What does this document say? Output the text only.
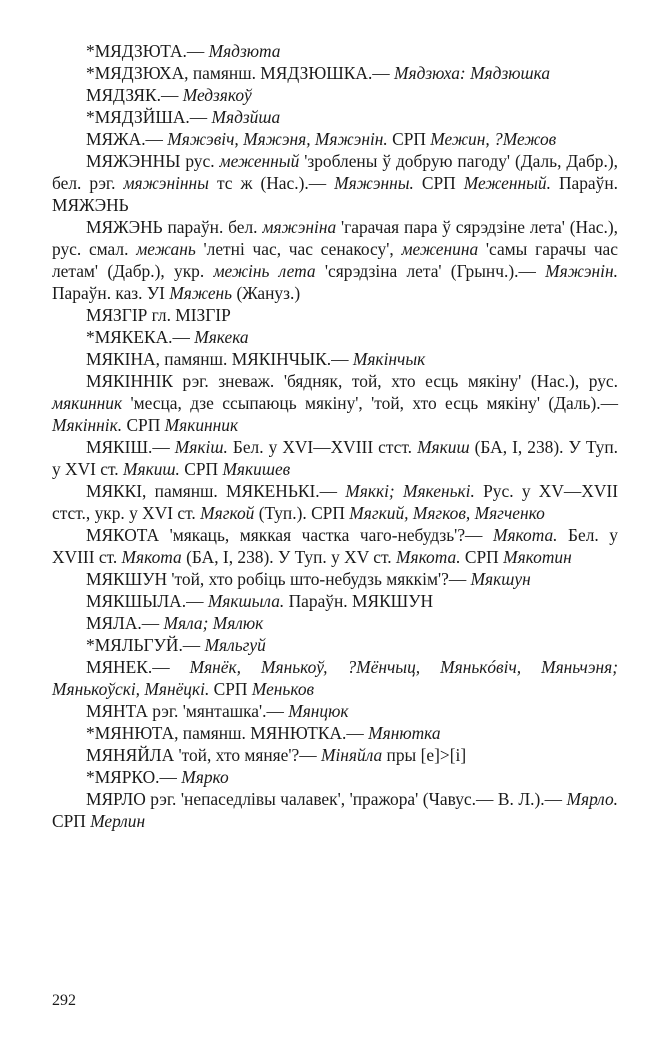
*МЯДЗЮТА.— Мядзюта

*МЯДЗЮХА, памянш. МЯДЗЮШКА.— Мядзюха: Мядзюшка

МЯДЗЯК.— Медзякоў

*МЯДЗЙША.— Мядзйша

МЯЖА.— Мяжэвіч, Мяжэня, Мяжэнін. СРП Межин, ?Межов

МЯЖЭННЫ рус. меженный 'зроблены ў добрую пагоду' (Даль, Дабр.), бел. рэг. мяжэнінны тс ж (Нас.).— Мяжэнны. СРП Меженный. Параўн. МЯЖЭНЬ

МЯЖЭНЬ параўн. бел. мяжэніна 'гарачая пара ў сярэдзіне лета' (Нас.), рус. смал. межань 'летні час, час сенакосу', меженина 'самы гарачы час летам' (Дабр.), укр. межінь лета 'сярэдзіна лета' (Грынч.).— Мяжэнін. Параўн. каз. УІ Мяжень (Жануз.)

МЯЗГІР гл. МІЗГІР

*МЯКЕКА.— Мякека

МЯКІНА, памянш. МЯКІНЧЫК.— Мякінчык

МЯКІННІК рэг. зневаж. 'бядняк, той, хто есць мякіну' (Нас.), рус. мякинник 'месца, дзе ссыпаюць мякіну', 'той, хто есць мякіну' (Даль).— Мякіннік. СРП Мякинник

МЯКІШ.— Мякіш. Бел. у XVI—XVIII стст. Мякиш (БА, І, 238). У Туп. у XVI ст. Мякиш. СРП Мякишев

МЯККІ, памянш. МЯКЕНЬКІ.— Мяккі; Мякенькі. Рус. у XV—XVII стст., укр. у XVI ст. Мягкой (Туп.). СРП Мягкий, Мягков, Мягченко

МЯКОТА 'мякаць, мяккая частка чаго-небудзь'?— Мякота. Бел. у XVIII ст. Мякота (БА, І, 238). У Туп. у XV ст. Мякота. СРП Мякотин

МЯКШУН 'той, хто робіць што-небудзь мяккім'?— Мякшун

МЯКШЫЛА.— Мякшыла. Параўн. МЯКШУН

МЯЛА.— Мяла; Мялюк

*МЯЛЬГУЙ.— Мяльгуй

МЯНЕК.— Мянёк, Мянькоў, ?Мёнчыц, Мянькóвіч, Мяньчэня; Мянькоўскі, Мянёцкі. СРП Меньков

МЯНТА рэг. 'мянташка'.— Мянцюк

*МЯНЮТА, памянш. МЯНЮТКА.— Мянютка

МЯНЯЙЛА 'той, хто мяняе'?— Міняйла пры [е]>[і]

*МЯРКО.— Мярко

МЯРЛО рэг. 'непаседлівы чалавек', 'пражора' (Чавус.— В. Л.).— Мярло. СРП Мерлин

292
